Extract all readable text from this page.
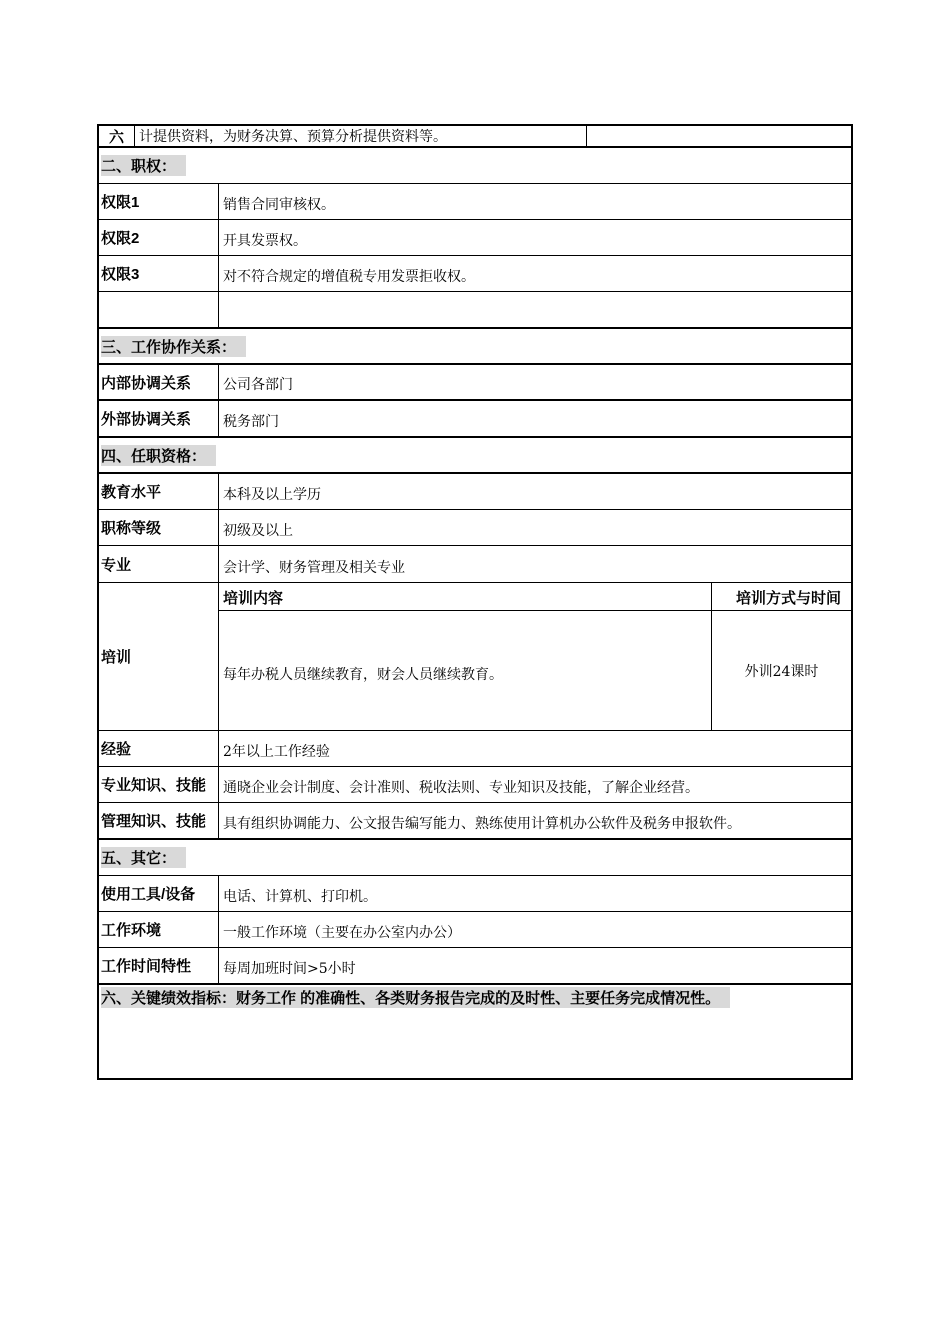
六	计提供资料，为财务决算、预算分析提供资料等。
二、职权：
权限1	销售合同审核权。
权限2	开具发票权。
权限3	对不符合规定的增值税专用发票拒收权。
三、工作协作关系：
内部协调关系	公司各部门
外部协调关系	税务部门
四、任职资格：
教育水平	本科及以上学历
职称等级	初级及以上
专业	会计学、财务管理及相关专业
培训
培训内容	培训方式与时间
每年办税人员继续教育，财会人员继续教育。	外训24课时
经验	2年以上工作经验
专业知识、技能	通晓企业会计制度、会计准则、税收法则、专业知识及技能，了解企业经营。
管理知识、技能	具有组织协调能力、公文报告编写能力、熟练使用计算机办公软件及税务申报软件。
五、其它：
使用工具/设备	电话、计算机、打印机。
工作环境	一般工作环境（主要在办公室内办公）
工作时间特性	每周加班时间>5小时
六、关键绩效指标：财务工作 的准确性、各类财务报告完成的及时性、主要任务完成情况性。
